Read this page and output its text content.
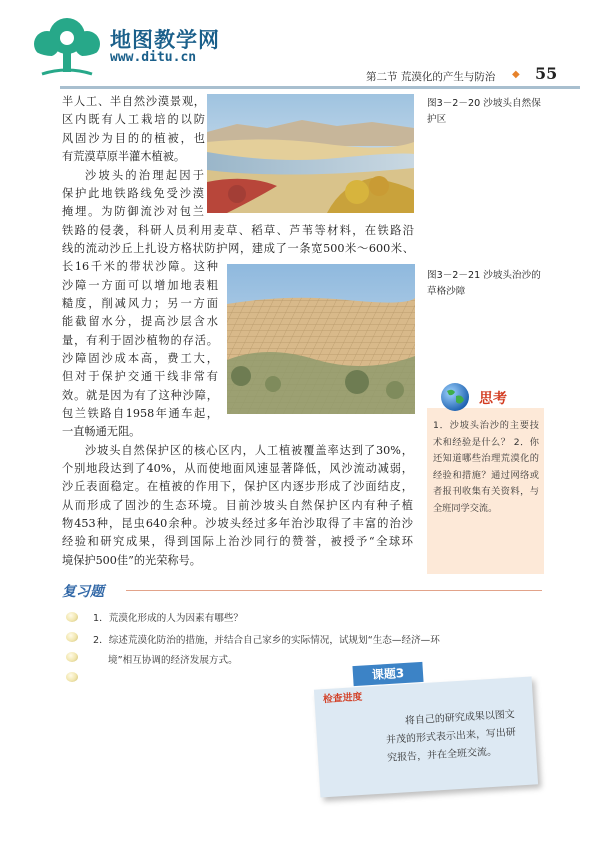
地图教学网
www.ditu.cn
第二节 荒漠化的产生与防治 ◆ 55
图3－2－20 沙坡头自然保护区
图3－2－21 沙坡头治沙的草格沙障

半人工、半自然沙漠景观，

区内既有人工栽培的以防

风固沙为目的的植被，也

有荒漠草原半灌木植被。

沙坡头的治理起因于

保护此地铁路线免受沙漠

掩埋。为防御流沙对包兰

铁路的侵袭，科研人员利用麦草、稻草、芦苇等材料，在铁路沿

线的流动沙丘上扎设方格状防护网，建成了一条宽500米～600米、

长16千米的带状沙障。这种

沙障一方面可以增加地表粗

糙度，削减风力；另一方面

能截留水分，提高沙层含水

量，有利于固沙植物的存活。

沙障固沙成本高，费工大，

但对于保护交通干线非常有

效。就是因为有了这种沙障，

包兰铁路自1958年通车起，

一直畅通无阻。

沙坡头自然保护区的核心区内，人工植被覆盖率达到了30%，

个别地段达到了40%，从而使地面风速显著降低，风沙流动减弱，

沙丘表面稳定。在植被的作用下，保护区内逐步形成了沙面结皮，

从而形成了固沙的生态环境。目前沙坡头自然保护区内有种子植

物453种，昆虫640余种。沙坡头经过多年治沙取得了丰富的治沙

经验和研究成果，得到国际上治沙同行的赞誉，被授予“全球环

境保护500佳”的光荣称号。

思考

1．沙坡头治沙的主要技术和经验是什么？ 2．你还知道哪些治理荒漠化的经验和措施？通过网络或者报刊收集有关资料，与全班同学交流。

复习题

1．荒漠化形成的人为因素有哪些？

2．综述荒漠化防治的措施，并结合自己家乡的实际情况，试规划“生态—经济—环

境”相互协调的经济发展方式。

课题3
检查进度

将自己的研究成果以图文并茂的形式表示出来，写出研究报告，并在全班交流。
